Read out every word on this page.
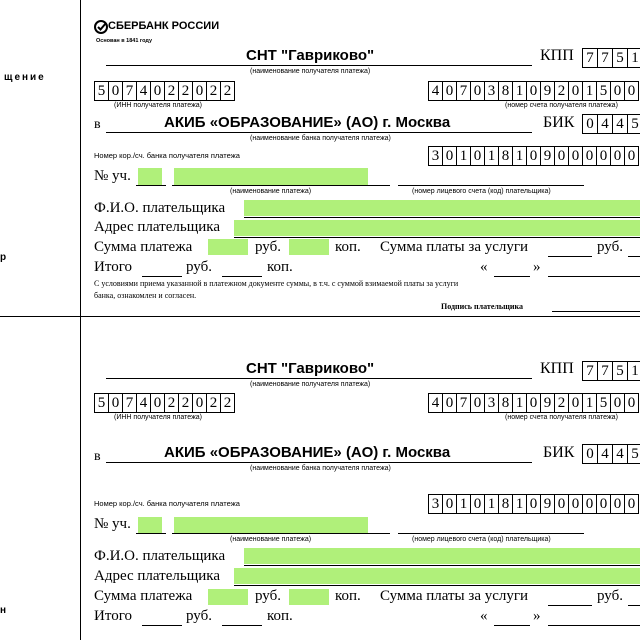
щение
р
н
СБЕРБАНК РОССИИ
Основан в 1841 году
СНТ "Гавриково"
(наименование получателя платежа)
КПП 7 7 5 1
5 0 7 4 0 2 2 0 2 2
(ИНН получателя платежа)
4 0 7 0 3 8 1 0 9 2 0 1 5 0 0
(номер счета получателя платежа)
в	АКИБ «ОБРАЗОВАНИЕ» (АО) г. Москва
(наименование банка получателя платежа)
БИК 0 4 4 5
Номер кор./сч. банка получателя платежа	3 0 1 0 1 8 1 0 9 0 0 0 0 0 0
№ уч.
(наименование платежа)	(номер лицевого счета (код) плательщика)
Ф.И.О. плательщика
Адрес плательщика
Сумма платежа	руб.	коп. Сумма платы за услуги	руб.
Итого	руб.	коп.	«	»
С условиями приема указанной в платежном документе суммы, в т.ч. с суммой взимаемой платы за услуги
банка, ознакомлен и согласен.
Подпись плательщика
СНТ "Гавриково"
(наименование получателя платежа)
КПП 7 7 5 1
5 0 7 4 0 2 2 0 2 2
(ИНН получателя платежа)
4 0 7 0 3 8 1 0 9 2 0 1 5 0 0
(номер счета получателя платежа)
в	АКИБ «ОБРАЗОВАНИЕ» (АО) г. Москва
(наименование банка получателя платежа)
БИК 0 4 4 5
Номер кор./сч. банка получателя платежа	3 0 1 0 1 8 1 0 9 0 0 0 0 0 0
№ уч.
(наименование платежа)	(номер лицевого счета (код) плательщика)
Ф.И.О. плательщика
Адрес плательщика
Сумма платежа	руб.	коп. Сумма платы за услуги	руб.
Итого	руб.	коп.	«	»
